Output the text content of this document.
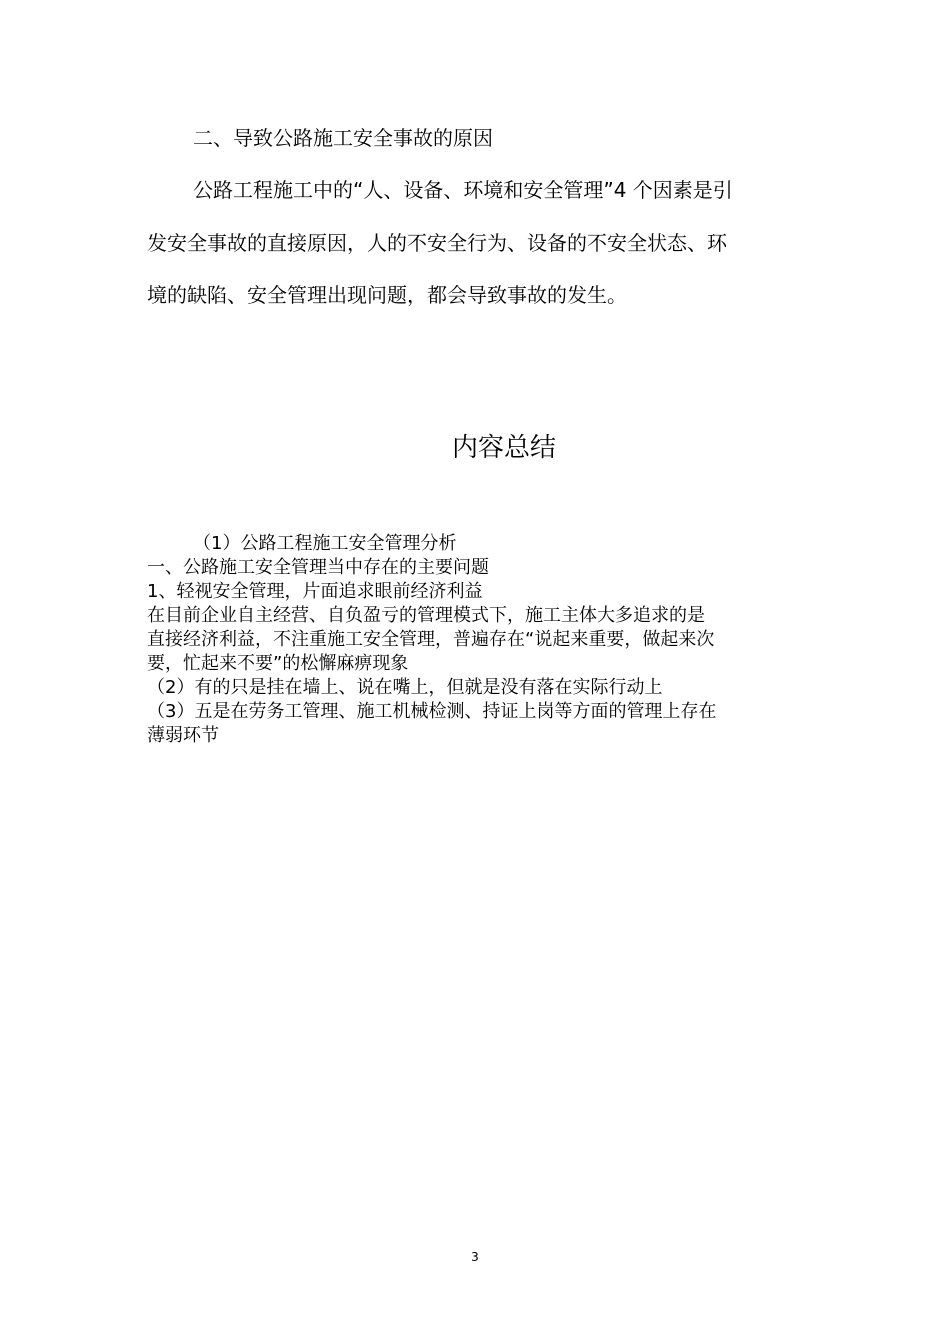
二、导致公路施工安全事故的原因
公路工程施工中的“人、设备、环境和安全管理”4 个因素是引
发安全事故的直接原因，人的不安全行为、设备的不安全状态、环
境的缺陷、安全管理出现问题，都会导致事故的发生。
内容总结
（1）公路工程施工安全管理分析
一、公路施工安全管理当中存在的主要问题
1、轻视安全管理，片面追求眼前经济利益
在目前企业自主经营、自负盈亏的管理模式下，施工主体大多追求的是
直接经济利益，不注重施工安全管理，普遍存在“说起来重要，做起来次
要，忙起来不要”的松懈麻痹现象
（2）有的只是挂在墙上、说在嘴上，但就是没有落在实际行动上
（3）五是在劳务工管理、施工机械检测、持证上岗等方面的管理上存在
薄弱环节
3
